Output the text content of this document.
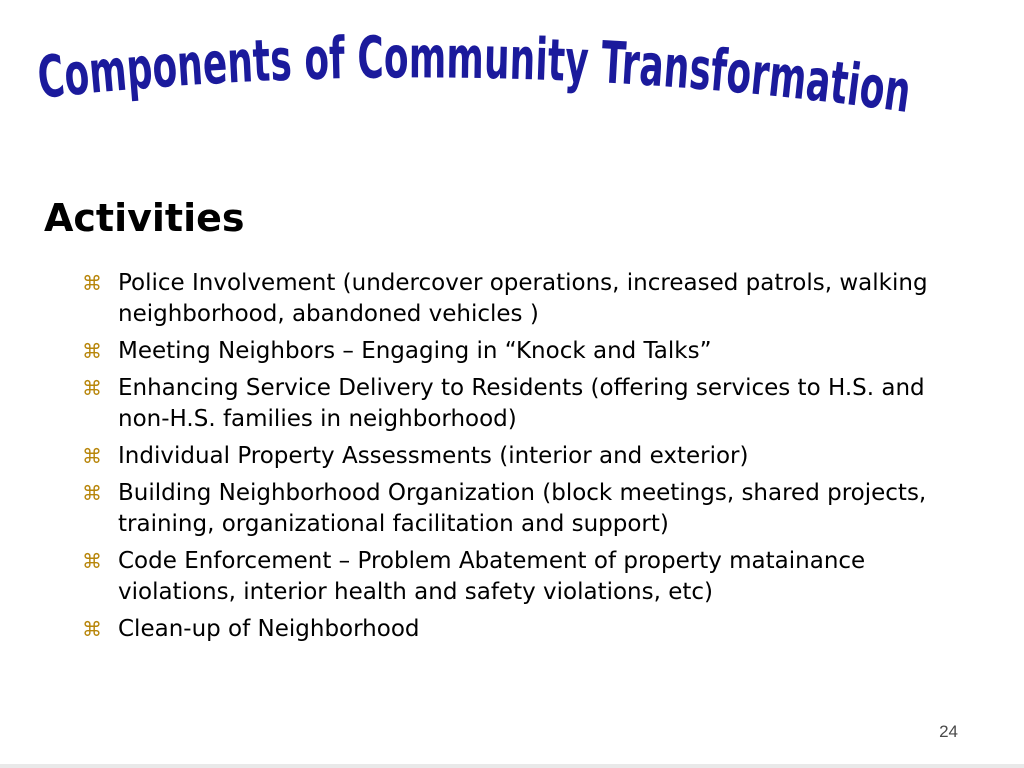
Components of Community Transformation
Activities
⌘ Police Involvement (undercover operations, increased patrols, walking neighborhood, abandoned vehicles )
⌘ Meeting Neighbors – Engaging in “Knock and Talks”
⌘ Enhancing Service Delivery to Residents (offering services to H.S. and non-H.S. families in neighborhood)
⌘ Individual Property Assessments (interior and exterior)
⌘ Building Neighborhood Organization (block meetings, shared projects, training, organizational facilitation and support)
⌘ Code Enforcement – Problem Abatement of property matainance violations, interior health and safety violations, etc)
⌘ Clean-up of Neighborhood
24
